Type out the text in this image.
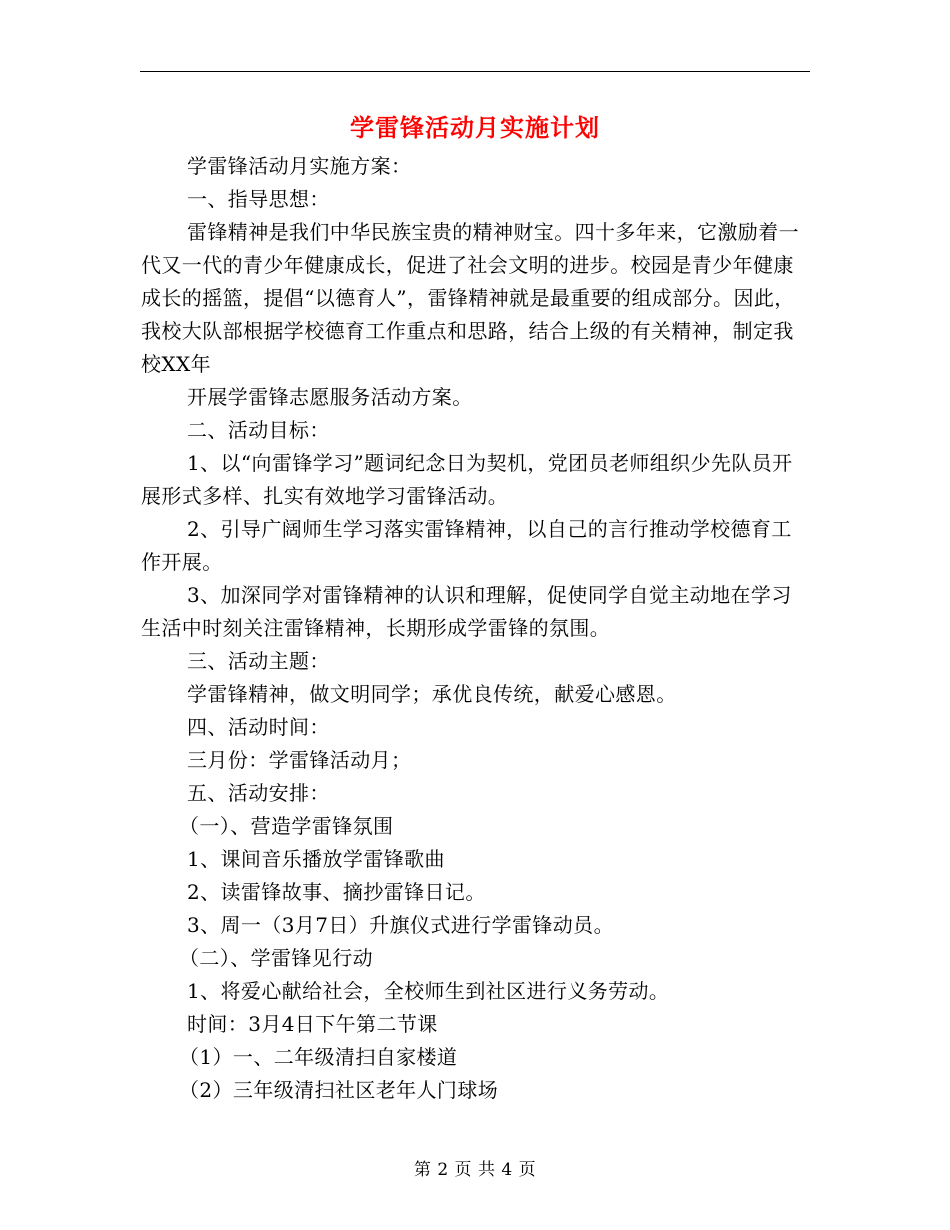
学雷锋活动月实施计划

学雷锋活动月实施方案：

一、指导思想：

雷锋精神是我们中华民族宝贵的精神财宝。四十多年来，它激励着一代又一代的青少年健康成长，促进了社会文明的进步。校园是青少年健康成长的摇篮，提倡“以德育人”，雷锋精神就是最重要的组成部分。因此，我校大队部根据学校德育工作重点和思路，结合上级的有关精神，制定我校XX年

开展学雷锋志愿服务活动方案。

二、活动目标：

1、以“向雷锋学习”题词纪念日为契机，党团员老师组织少先队员开展形式多样、扎实有效地学习雷锋活动。

2、引导广阔师生学习落实雷锋精神，以自己的言行推动学校德育工作开展。

3、加深同学对雷锋精神的认识和理解，促使同学自觉主动地在学习生活中时刻关注雷锋精神，长期形成学雷锋的氛围。

三、活动主题：

学雷锋精神，做文明同学；承优良传统，献爱心感恩。

四、活动时间：

三月份：学雷锋活动月；

五、活动安排：

（一）、营造学雷锋氛围

1、课间音乐播放学雷锋歌曲

2、读雷锋故事、摘抄雷锋日记。

3、周一（3月7日）升旗仪式进行学雷锋动员。

（二）、学雷锋见行动

1、将爱心献给社会，全校师生到社区进行义务劳动。

时间：3月4日下午第二节课

（1）一、二年级清扫自家楼道

（2）三年级清扫社区老年人门球场

第 2 页 共 4 页
